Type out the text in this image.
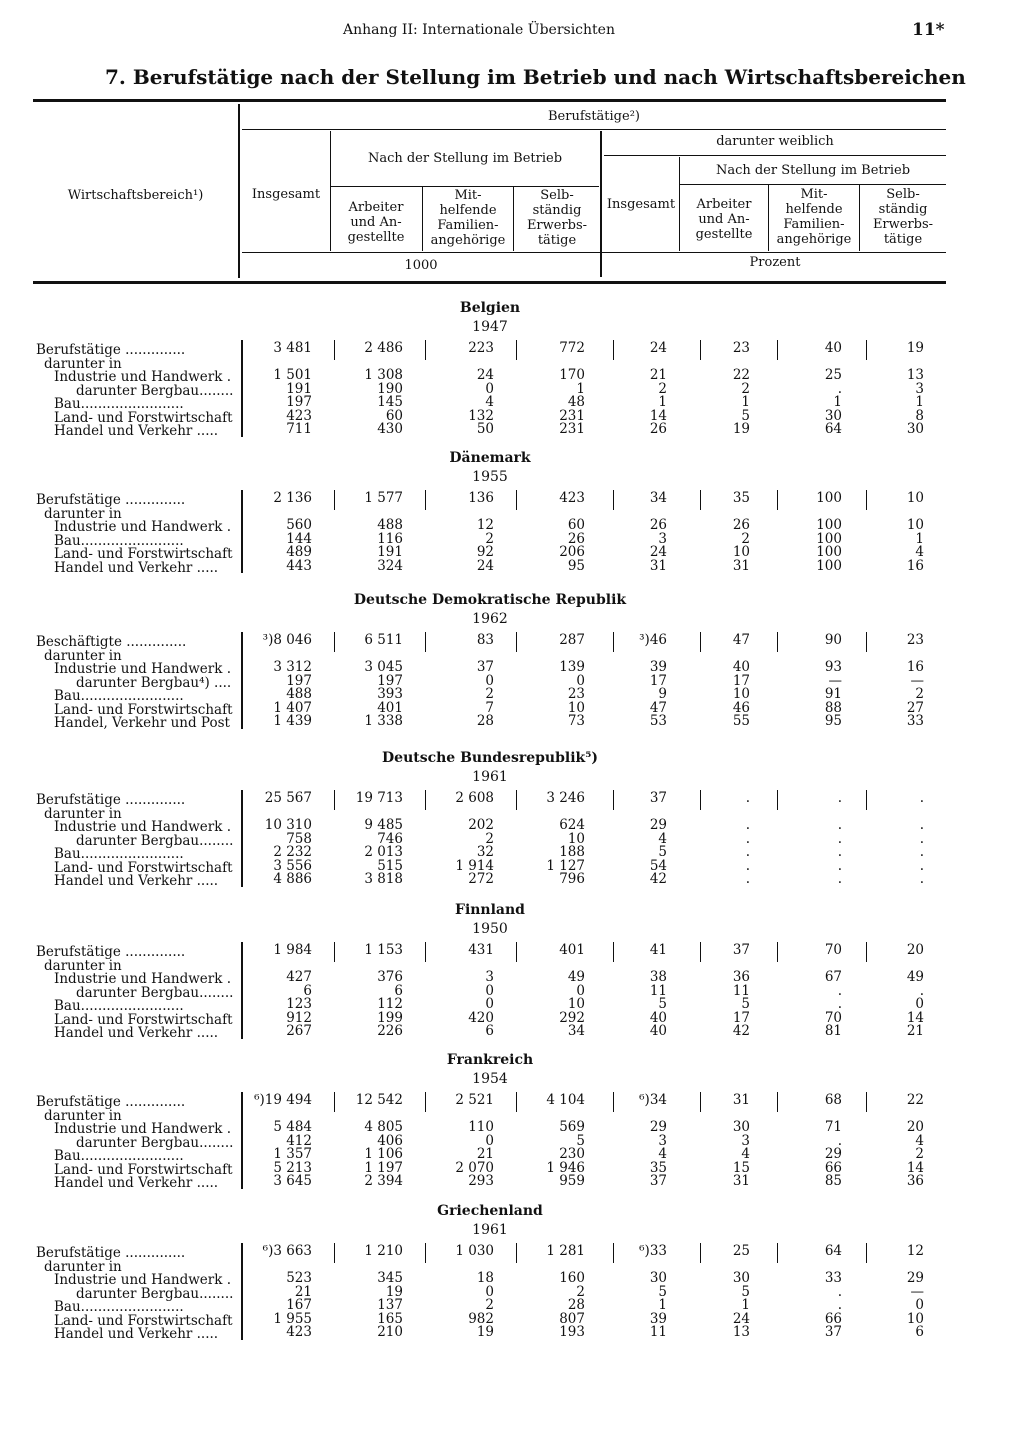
Anhang II: Internationale Übersichten	11*
7. Berufstätige nach der Stellung im Betrieb und nach Wirtschaftsbereichen
Wirtschaftsbereich¹)
Berufstätige²)
Insgesamt
Nach der Stellung im Betrieb
Arbeiter
und An-
gestellte
Mit-
helfende
Familien-
angehörige
Selb-
ständig
Erwerbs-
tätige
darunter weiblich
Insgesamt
Nach der Stellung im Betrieb
Arbeiter
und An-
gestellte
Mit-
helfende
Familien-
angehörige
Selb-
ständig
Erwerbs-
tätige
1000	Prozent
Belgien
1947
Berufstätige ..............
darunter in
Industrie und Handwerk .
darunter Bergbau........
Bau........................
Land- und Forstwirtschaft
Handel und Verkehr .....
3 481

1 501
191
197
423
711
2 486

1 308
190
145
60
430
223

24
0
4
132
50
772

170
1
48
231
231
24

21
2
1
14
26
23

22
2
1
5
19
40

25
.
1
30
64
19

13
3
1
8
30
Dänemark
1955
Berufstätige ..............
darunter in
Industrie und Handwerk .
Bau........................
Land- und Forstwirtschaft
Handel und Verkehr .....
2 136

560
144
489
443
1 577

488
116
191
324
136

12
2
92
24
423

60
26
206
95
34

26
3
24
31
35

26
2
10
31
100

100
100
100
100
10

10
1
4
16
Deutsche Demokratische Republik
1962
Beschäftigte ..............
darunter in
Industrie und Handwerk .
darunter Bergbau⁴) ....
Bau........................
Land- und Forstwirtschaft
Handel, Verkehr und Post
³)8 046

3 312
197
488
1 407
1 439
6 511

3 045
197
393
401
1 338
83

37
0
2
7
28
287

139
0
23
10
73
³)46

39
17
9
47
53
47

40
17
10
46
55
90

93
—
91
88
95
23

16
—
2
27
33
Deutsche Bundesrepublik⁵)
1961
Berufstätige ..............
darunter in
Industrie und Handwerk .
darunter Bergbau........
Bau........................
Land- und Forstwirtschaft
Handel und Verkehr .....
25 567

10 310
758
2 232
3 556
4 886
19 713

9 485
746
2 013
515
3 818
2 608

202
2
32
1 914
272
3 246

624
10
188
1 127
796
37

29
4
5
54
42
.

.
.
.
.
.
.

.
.
.
.
.
.

.
.
.
.
.
Finnland
1950
Berufstätige ..............
darunter in
Industrie und Handwerk .
darunter Bergbau........
Bau........................
Land- und Forstwirtschaft
Handel und Verkehr .....
1 984

427
6
123
912
267
1 153

376
6
112
199
226
431

3
0
0
420
6
401

49
0
10
292
34
41

38
11
5
40
40
37

36
11
5
17
42
70

67
.
.
70
81
20

49
.
0
14
21
Frankreich
1954
Berufstätige ..............
darunter in
Industrie und Handwerk .
darunter Bergbau........
Bau........................
Land- und Forstwirtschaft
Handel und Verkehr .....
⁶)19 494

5 484
412
1 357
5 213
3 645
12 542

4 805
406
1 106
1 197
2 394
2 521

110
0
21
2 070
293
4 104

569
5
230
1 946
959
⁶)34

29
3
4
35
37
31

30
3
4
15
31
68

71
.
29
66
85
22

20
4
2
14
36
Griechenland
1961
Berufstätige ..............
darunter in
Industrie und Handwerk .
darunter Bergbau........
Bau........................
Land- und Forstwirtschaft
Handel und Verkehr .....
⁶)3 663

523
21
167
1 955
423
1 210

345
19
137
165
210
1 030

18
0
2
982
19
1 281

160
2
28
807
193
⁶)33

30
5
1
39
11
25

30
5
1
24
13
64

33
.
.
66
37
12

29
—
0
10
6
